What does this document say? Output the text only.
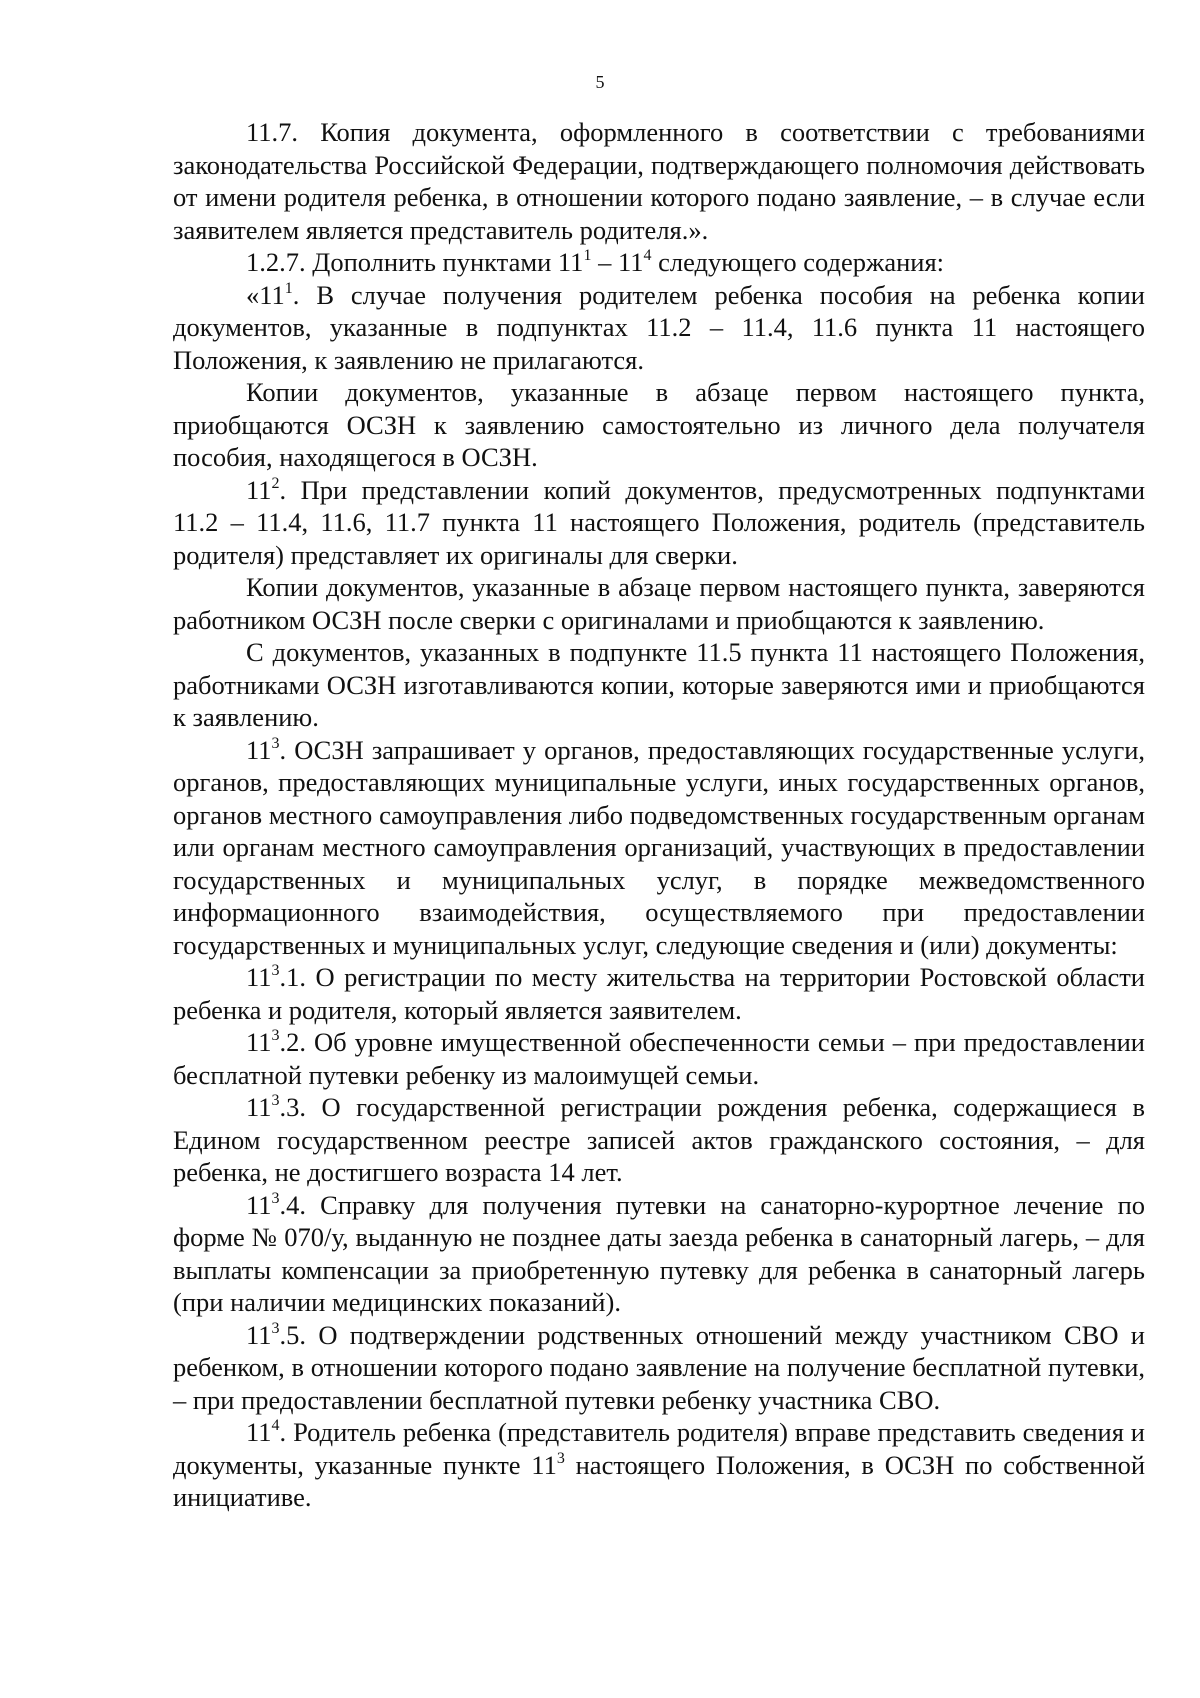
5

11.7. Копия документа, оформленного в соответствии с требованиями законодательства Российской Федерации, подтверждающего полномочия действовать от имени родителя ребенка, в отношении которого подано заявление, – в случае если заявителем является представитель родителя.».

1.2.7. Дополнить пунктами $11^1 - 11^4$ следующего содержания:

«$11^1$. В случае получения родителем ребенка пособия на ребенка копии документов, указанные в подпунктах 11.2 – 11.4, 11.6 пункта 11 настоящего Положения, к заявлению не прилагаются.

Копии документов, указанные в абзаце первом настоящего пункта, приобщаются ОСЗН к заявлению самостоятельно из личного дела получателя пособия, находящегося в ОСЗН.

$11^2$. При представлении копий документов, предусмотренных подпунктами 11.2 – 11.4, 11.6, 11.7 пункта 11 настоящего Положения, родитель (представитель родителя) представляет их оригиналы для сверки.

Копии документов, указанные в абзаце первом настоящего пункта, заверяются работником ОСЗН после сверки с оригиналами и приобщаются к заявлению.

С документов, указанных в подпункте 11.5 пункта 11 настоящего Положения, работниками ОСЗН изготавливаются копии, которые заверяются ими и приобщаются к заявлению.

$11^3$. ОСЗН запрашивает у органов, предоставляющих государственные услуги, органов, предоставляющих муниципальные услуги, иных государственных органов, органов местного самоуправления либо подведомственных государственным органам или органам местного самоуправления организаций, участвующих в предоставлении государственных и муниципальных услуг, в порядке межведомственного информационного взаимодействия, осуществляемого при предоставлении государственных и муниципальных услуг, следующие сведения и (или) документы:

$11^3.1$. О регистрации по месту жительства на территории Ростовской области ребенка и родителя, который является заявителем.

$11^3.2$. Об уровне имущественной обеспеченности семьи – при предоставлении бесплатной путевки ребенку из малоимущей семьи.

$11^3.3$. О государственной регистрации рождения ребенка, содержащиеся в Едином государственном реестре записей актов гражданского состояния, – для ребенка, не достигшего возраста 14 лет.

$11^3.4$. Справку для получения путевки на санаторно-курортное лечение по форме № 070/у, выданную не позднее даты заезда ребенка в санаторный лагерь, – для выплаты компенсации за приобретенную путевку для ребенка в санаторный лагерь (при наличии медицинских показаний).

$11^3.5$. О подтверждении родственных отношений между участником СВО и ребенком, в отношении которого подано заявление на получение бесплатной путевки, – при предоставлении бесплатной путевки ребенку участника СВО.

$11^4$. Родитель ребенка (представитель родителя) вправе представить сведения и документы, указанные пункте $11^3$ настоящего Положения, в ОСЗН по собственной инициативе.
